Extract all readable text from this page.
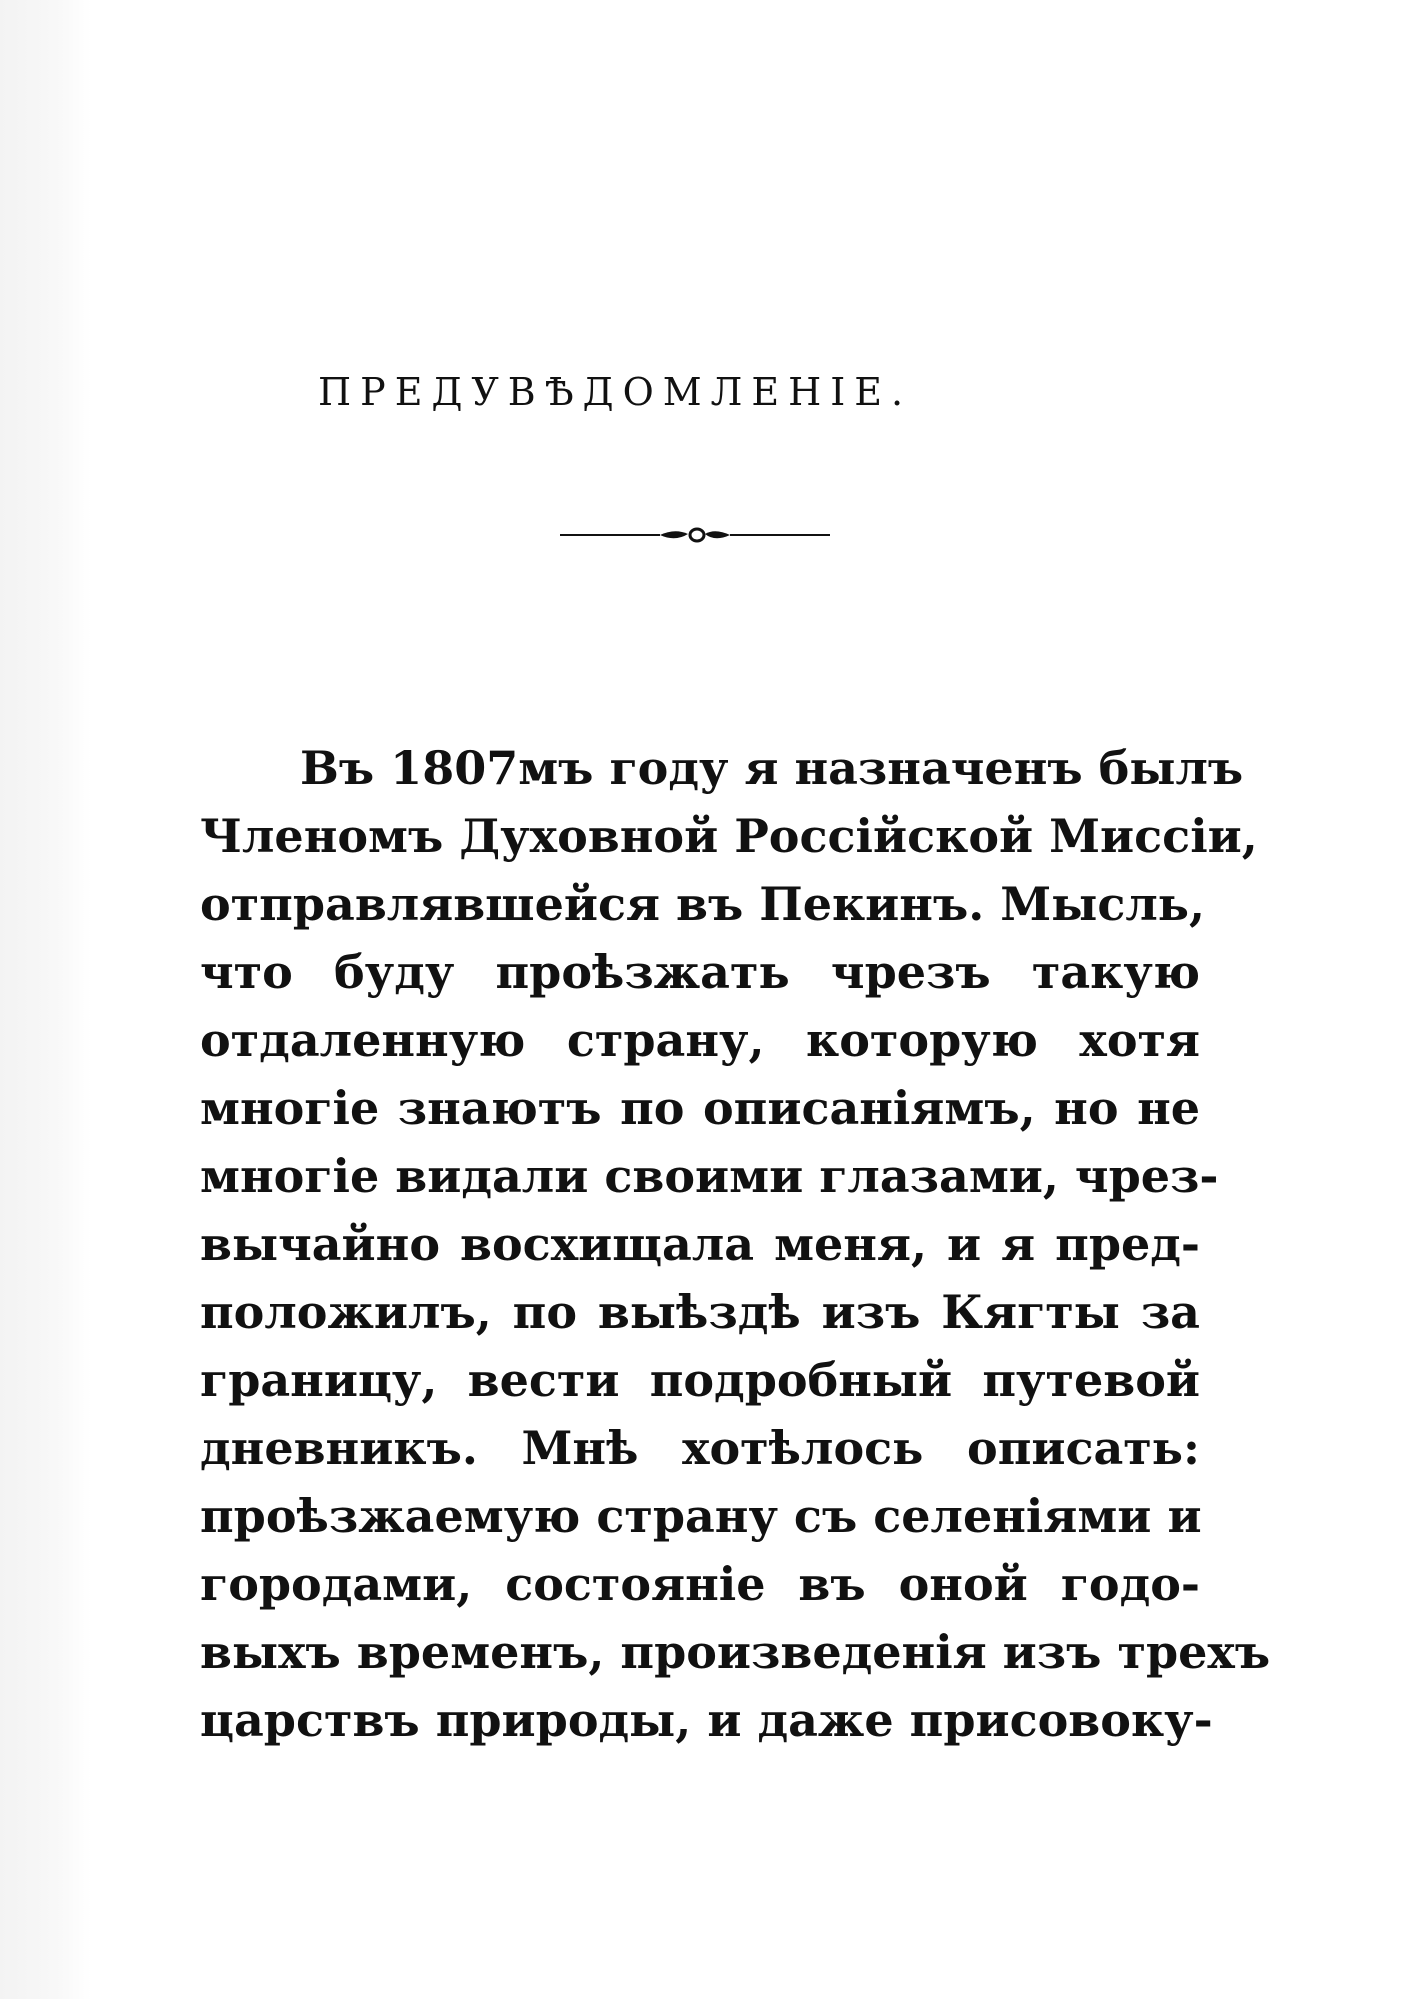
ПРЕДУВѢДОМЛЕНІЕ.
Въ 1807мъ году я назначенъ былъ
Членомъ Духовной Россійской Миссіи,
отправлявшейся въ Пекинъ. Мысль,
что буду проѣзжать чрезъ такую
отдаленную страну, которую хотя
многіе знаютъ по описаніямъ, но не
многіе видали своими глазами, чрез-
вычайно восхищала меня, и я пред-
положилъ, по выѣздѣ изъ Кягты за
границу, вести подробный путевой
дневникъ. Мнѣ хотѣлось описать:
проѣзжаемую страну съ селеніями и
городами, состояніе въ оной годо-
выхъ временъ, произведенія изъ трехъ
царствъ природы, и даже присовоку-
